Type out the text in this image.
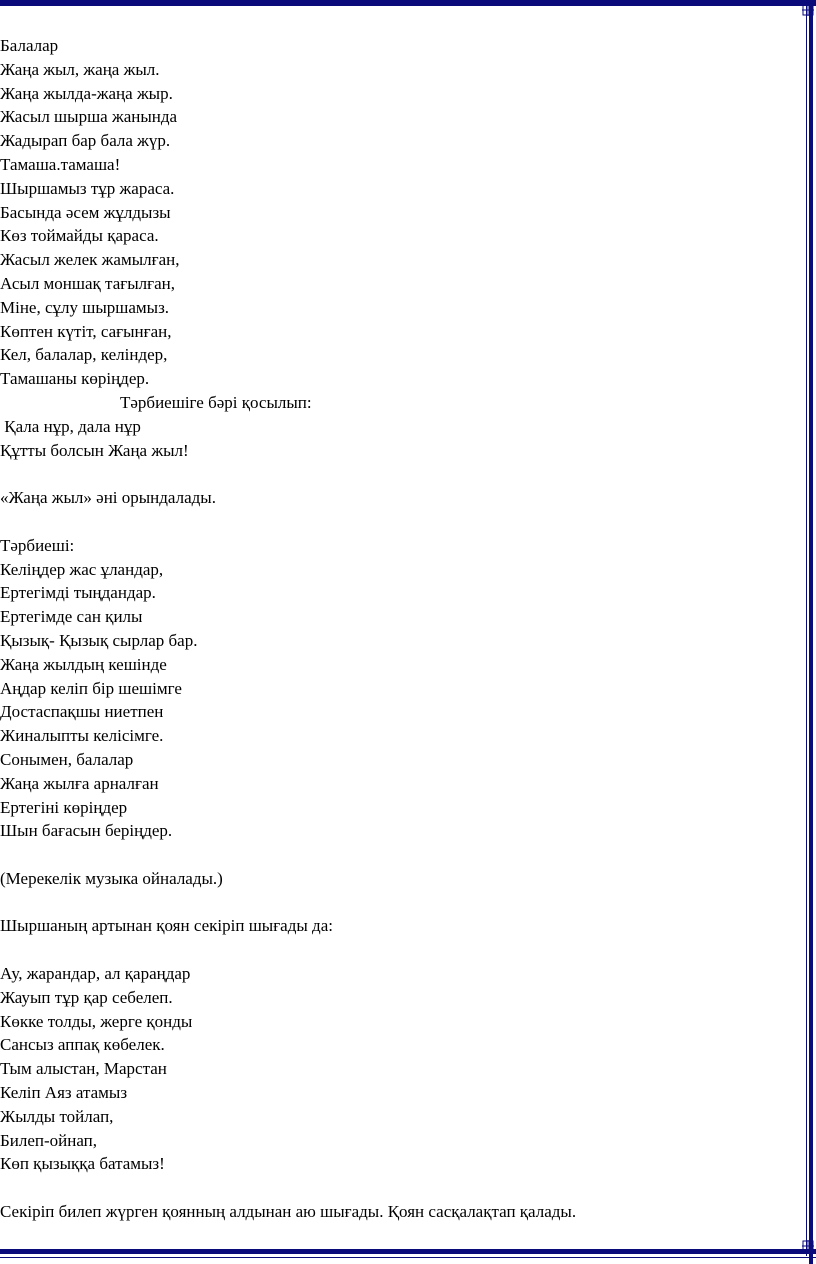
Балалар
Жаңа жыл, жаңа жыл.
Жаңа жылда-жаңа жыр.
Жасыл шырша жанында
Жадырап бар бала жүр.
Тамаша.тамаша!
Шыршамыз тұр жараса.
Басында әсем жұлдызы
Көз тоймайды қараса.
Жасыл желек жамылған,
Асыл моншақ тағылған,
Міне, сұлу шыршамыз.
Көптен күтіт, сағынған,
Кел, балалар, келіндер,
Тамашаны көріңдер.
Тәрбиешіге бәрі қосылып:
Қала нұр, дала нұр
Құтты болсын Жаңа жыл!
«Жаңа жыл» әні орындалады.
Тәрбиеші:
Келіңдер жас ұландар,
Ертегімді тыңдандар.
Ертегімде сан қилы
Қызық- Қызық сырлар бар.
Жаңа жылдың кешінде
Аңдар келіп бір шешімге
Достаспақшы ниетпен
Жиналыпты келісімге.
Сонымен, балалар
Жаңа жылға арналған
Ертегіні көріңдер
Шын бағасын беріңдер.
(Мерекелік музыка ойналады.)
Шыршаның артынан қоян секіріп шығады да:
Ау, жарандар, ал қараңдар
Жауып тұр қар себелеп.
Көкке толды, жерге қонды
Сансыз аппақ көбелек.
Тым алыстан, Марстан
Келіп Аяз атамыз
Жылды тойлап,
Билеп-ойнап,
Көп қызыққа батамыз!
Секіріп билеп жүрген қоянның алдынан аю шығады. Қоян сасқалақтап қалады.
